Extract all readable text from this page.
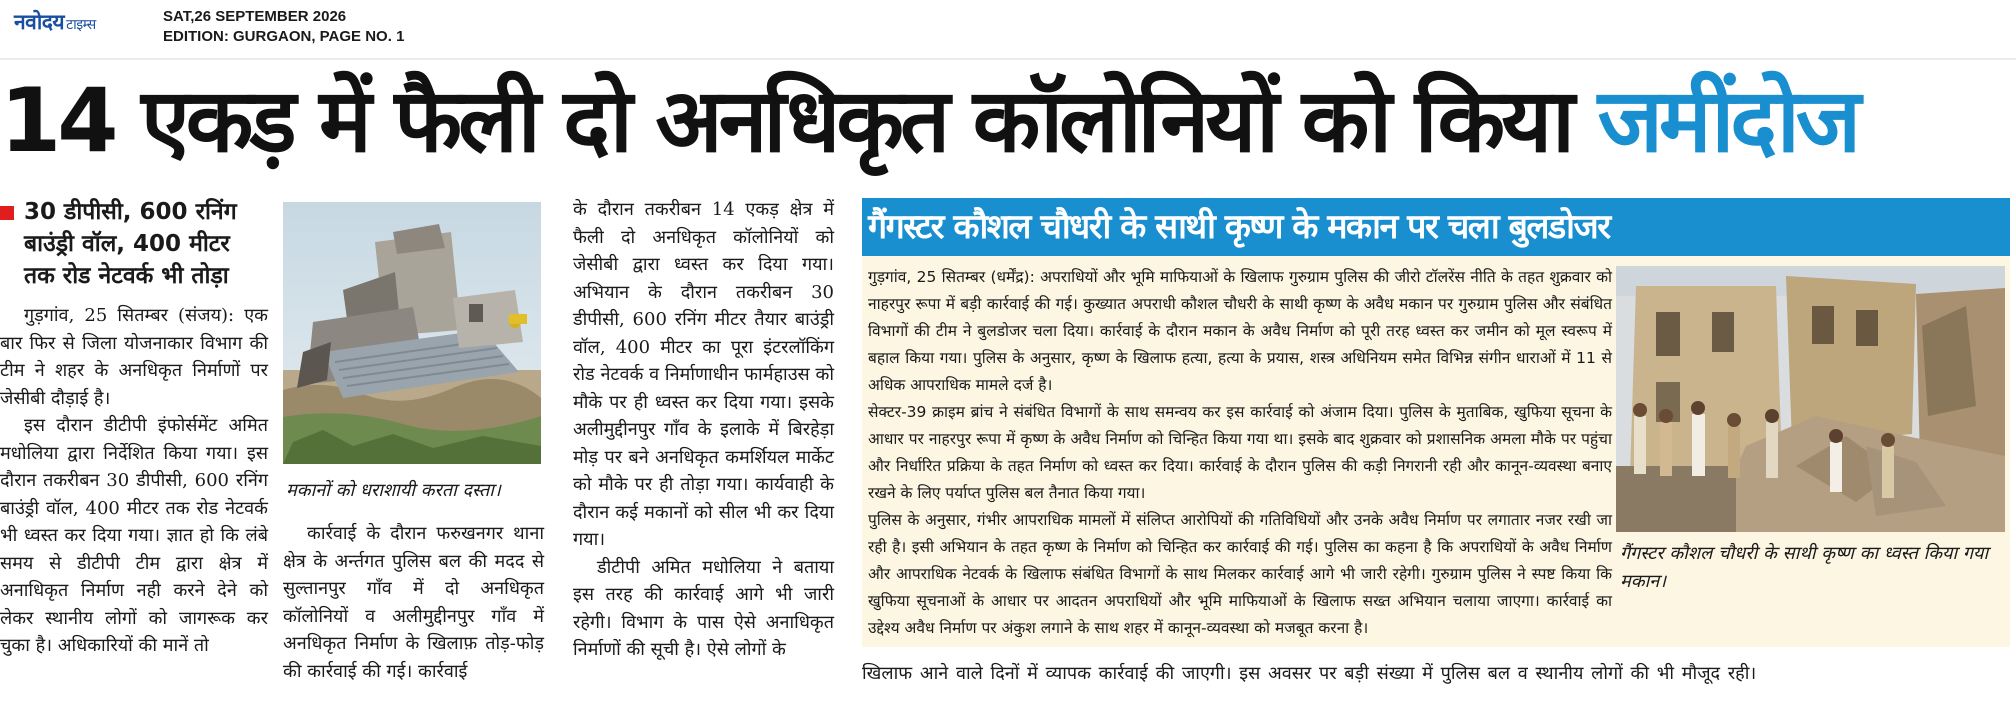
नवोदय टाइम्स	SAT,26 SEPTEMBER 2026
EDITION: GURGAON, PAGE NO. 1
14 एकड़ में फैली दो अनधिकृत कॉलोनियों को किया जमींदोज
30 डीपीसी, 600 रनिंग बाउंड्री वॉल, 400 मीटर तक रोड नेटवर्क भी तोड़ा
गुड़गांव, 25 सितम्बर (संजय): एक बार फिर से जिला योजनाकार विभाग की टीम ने शहर के अनधिकृत निर्माणों पर जेसीबी दौड़ाई है।
इस दौरान डीटीपी इंफोर्समेंट अमित मधोलिया द्वारा निर्देशित किया गया। इस दौरान तकरीबन 30 डीपीसी, 600 रनिंग बाउंड्री वॉल, 400 मीटर तक रोड नेटवर्क भी ध्वस्त कर दिया गया। ज्ञात हो कि लंबे समय से डीटीपी टीम द्वारा क्षेत्र में अनाधिकृत निर्माण नही करने देने को लेकर स्थानीय लोगों को जागरूक कर चुका है। अधिकारियों की मानें तो
मकानों को धराशायी करता दस्ता।
कार्रवाई के दौरान फरुखनगर थाना क्षेत्र के अर्न्तगत पुलिस बल की मदद से सुल्तानपुर गाँव में दो अनधिकृत कॉलोनियों व अलीमुद्दीनपुर गाँव में अनधिकृत निर्माण के खिलाफ़ तोड़-फोड़ की कार्रवाई की गई। कार्रवाई
के दौरान तकरीबन 14 एकड़ क्षेत्र में फैली दो अनधिकृत कॉलोनियों को जेसीबी द्वारा ध्वस्त कर दिया गया। अभियान के दौरान तकरीबन 30 डीपीसी, 600 रनिंग मीटर तैयार बाउंड्री वॉल, 400 मीटर का पूरा इंटरलॉकिंग रोड नेटवर्क व निर्माणाधीन फार्महाउस को मौके पर ही ध्वस्त कर दिया गया। इसके अलीमुद्दीनपुर गाँव के इलाके में बिरहेड़ा मोड़ पर बने अनधिकृत कमर्शियल मार्केट को मौके पर ही तोड़ा गया। कार्यवाही के दौरान कई मकानों को सील भी कर दिया गया।
डीटीपी अमित मधोलिया ने बताया इस तरह की कार्रवाई आगे भी जारी रहेगी। विभाग के पास ऐसे अनाधिकृत निर्माणों की सूची है। ऐसे लोगों के
गैंगस्टर कौशल चौधरी के साथी कृष्ण के मकान पर चला बुलडोजर

गुड़गांव, 25 सितम्बर (धर्मेंद्र): अपराधियों और भूमि माफियाओं के खिलाफ गुरुग्राम पुलिस की जीरो टॉलरेंस नीति के तहत शुक्रवार को नाहरपुर रूपा में बड़ी कार्रवाई की गई। कुख्यात अपराधी कौशल चौधरी के साथी कृष्ण के अवैध मकान पर गुरुग्राम पुलिस और संबंधित विभागों की टीम ने बुलडोजर चला दिया। कार्रवाई के दौरान मकान के अवैध निर्माण को पूरी तरह ध्वस्त कर जमीन को मूल स्वरूप में बहाल किया गया। पुलिस के अनुसार, कृष्ण के खिलाफ हत्या, हत्या के प्रयास, शस्त्र अधिनियम समेत विभिन्न संगीन धाराओं में 11 से अधिक आपराधिक मामले दर्ज है।

सेक्टर-39 क्राइम ब्रांच ने संबंधित विभागों के साथ समन्वय कर इस कार्रवाई को अंजाम दिया। पुलिस के मुताबिक, खुफिया सूचना के आधार पर नाहरपुर रूपा में कृष्ण के अवैध निर्माण को चिन्हित किया गया था। इसके बाद शुक्रवार को प्रशासनिक अमला मौके पर पहुंचा और निर्धारित प्रक्रिया के तहत निर्माण को ध्वस्त कर दिया। कार्रवाई के दौरान पुलिस की कड़ी निगरानी रही और कानून-व्यवस्था बनाए रखने के लिए पर्याप्त पुलिस बल तैनात किया गया।

पुलिस के अनुसार, गंभीर आपराधिक मामलों में संलिप्त आरोपियों की गतिविधियों और उनके अवैध निर्माण पर लगातार नजर रखी जा रही है। इसी अभियान के तहत कृष्ण के निर्माण को चिन्हित कर कार्रवाई की गई। पुलिस का कहना है कि अपराधियों के अवैध निर्माण और आपराधिक नेटवर्क के खिलाफ संबंधित विभागों के साथ मिलकर कार्रवाई आगे भी जारी रहेगी। गुरुग्राम पुलिस ने स्पष्ट किया कि खुफिया सूचनाओं के आधार पर आदतन अपराधियों और भूमि माफियाओं के खिलाफ सख्त अभियान चलाया जाएगा। कार्रवाई का उद्देश्य अवैध निर्माण पर अंकुश लगाने के साथ शहर में कानून-व्यवस्था को मजबूत करना है।

गैंगस्टर कौशल चौधरी के साथी कृष्ण का ध्वस्त किया गया मकान।
खिलाफ आने वाले दिनों में व्यापक कार्रवाई की जाएगी। इस अवसर पर बड़ी संख्या में पुलिस बल व स्थानीय लोगों की भी मौजूद रही।
